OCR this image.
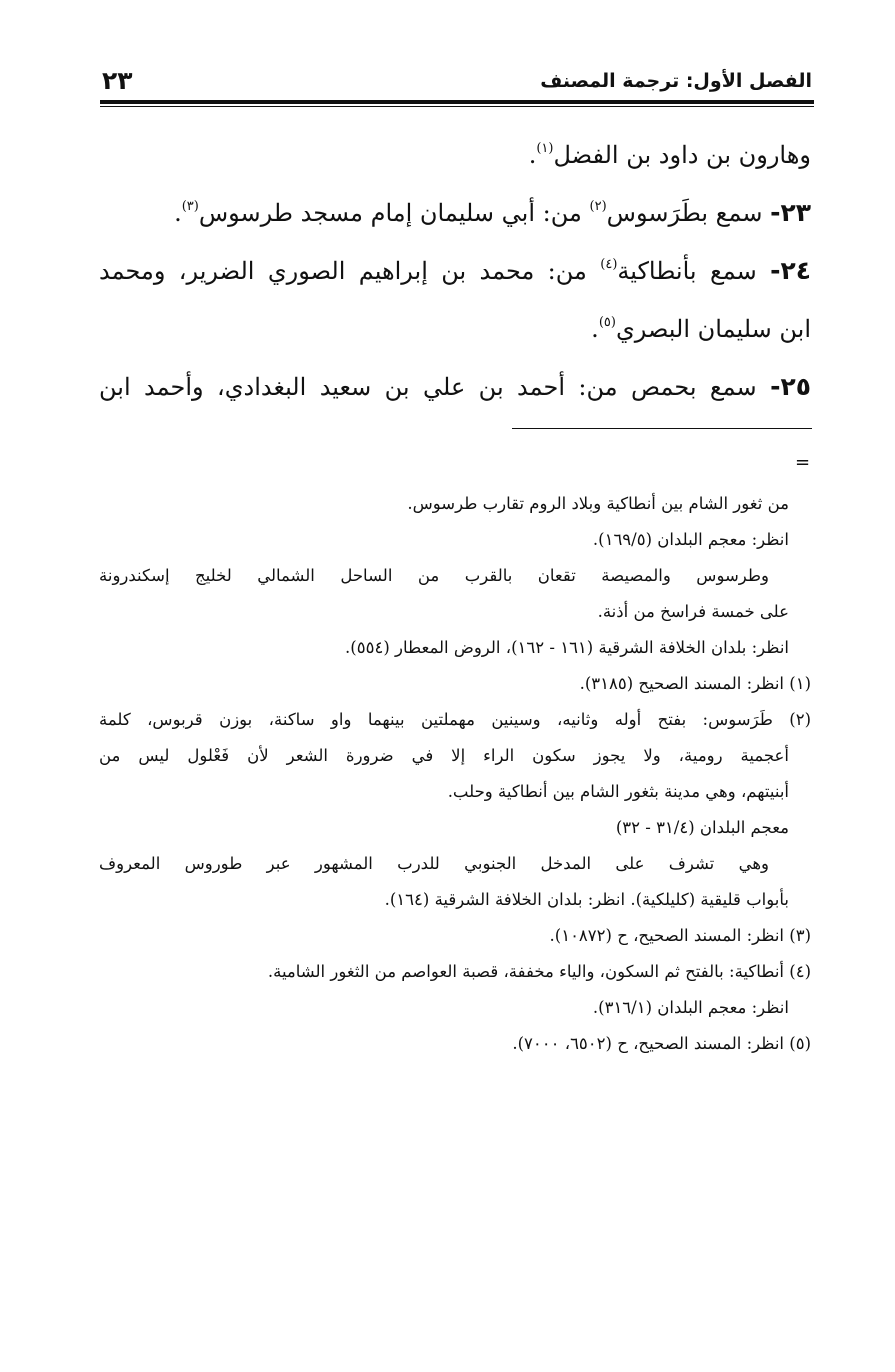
الفصل الأول: ترجمة المصنف
٢٣

وهارون بن داود بن الفضل$^{(١)}$.

٢٣- سمع بطَرَسوس$^{(٢)}$ من: أبي سليمان إمام مسجد طرسوس$^{(٣)}$.

٢٤- سمع بأنطاكية$^{(٤)}$ من: محمد بن إبراهيم الصوري الضرير، ومحمد

ابن سليمان البصري$^{(٥)}$.

٢٥- سمع بحمص من: أحمد بن علي بن سعيد البغدادي، وأحمد ابن

=

من ثغور الشام بين أنطاكية وبلاد الروم تقارب طرسوس.

انظر: معجم البلدان (١٦٩/٥).

وطرسوس والمصيصة تقعان بالقرب من الساحل الشمالي لخليج إسكندرونة

على خمسة فراسخ من أذنة.

انظر: بلدان الخلافة الشرقية (١٦١ - ١٦٢)، الروض المعطار (٥٥٤).

(١) انظر: المسند الصحيح (٣١٨٥).

(٢) طَرَسوس: بفتح أوله وثانيه، وسينين مهملتين بينهما واو ساكنة، بوزن قربوس، كلمة

أعجمية رومية، ولا يجوز سكون الراء إلا في ضرورة الشعر لأن فَعْلول ليس من

أبنيتهم، وهي مدينة بثغور الشام بين أنطاكية وحلب.

معجم البلدان (٣١/٤ - ٣٢)

وهي تشرف على المدخل الجنوبي للدرب المشهور عبر طوروس المعروف

بأبواب قليقية (كليلكية). انظر: بلدان الخلافة الشرقية (١٦٤).

(٣) انظر: المسند الصحيح، ح (١٠٨٧٢).

(٤) أنطاكية: بالفتح ثم السكون، والياء مخففة، قصبة العواصم من الثغور الشامية.

انظر: معجم البلدان (٣١٦/١).

(٥) انظر: المسند الصحيح، ح (٦٥٠٢، ٧٠٠٠).
